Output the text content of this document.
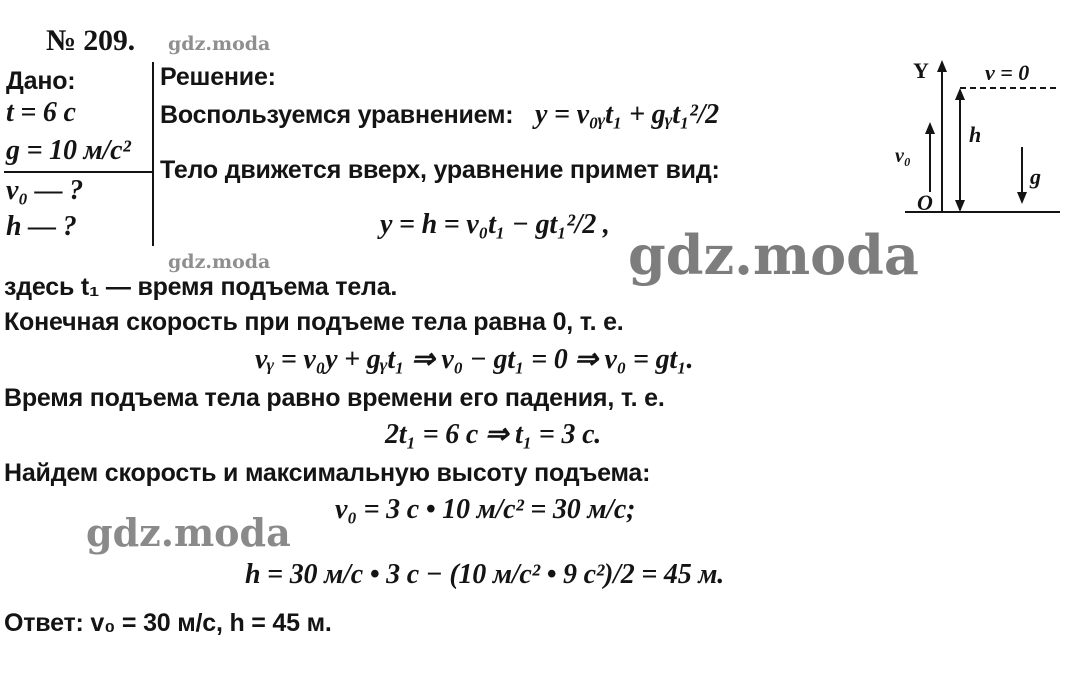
gdz.moda
gdz.moda	gdz.moda
gdz.moda
№ 209.
Дано:
t = 6 с
g = 10 м/с²
v₀ — ?
h — ?
Решение:
Воспользуемся уравнением: y = v₀ᵧt₁ + gᵧt₁²/2
Тело движется вверх, уравнение примет вид:
y = h = v₀t₁ − gt₁²/2 ,
здесь t₁ — время подъема тела.
Конечная скорость при подъеме тела равна 0, т. е.
vᵧ = v₀y + gᵧt₁ ⇒ v₀ − gt₁ = 0 ⇒ v₀ = gt₁.
Время подъема тела равно времени его падения, т. е.
2t₁ = 6 с ⇒ t₁ = 3 с.
Найдем скорость и максимальную высоту подъема:
v₀ = 3 с • 10 м/с² = 30 м/с;
h = 30 м/с • 3 с − (10 м/с² • 9 с²)/2 = 45 м.
Ответ: v₀ = 30 м/с, h = 45 м.
Y
O
v = 0
h
v₀
g
